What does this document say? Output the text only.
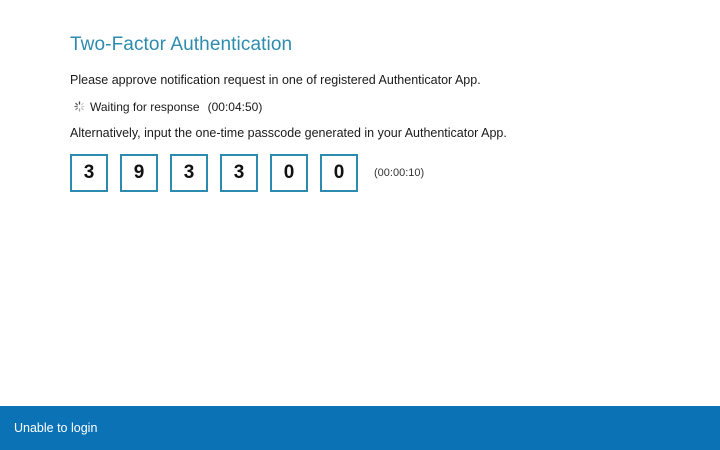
Two-Factor Authentication

Please approve notification request in one of registered Authenticator App.

Waiting for response (00:04:50)

Alternatively, input the one-time passcode generated in your Authenticator App.

3
9
3
3
0
0
(00:00:10)
Unable to login
